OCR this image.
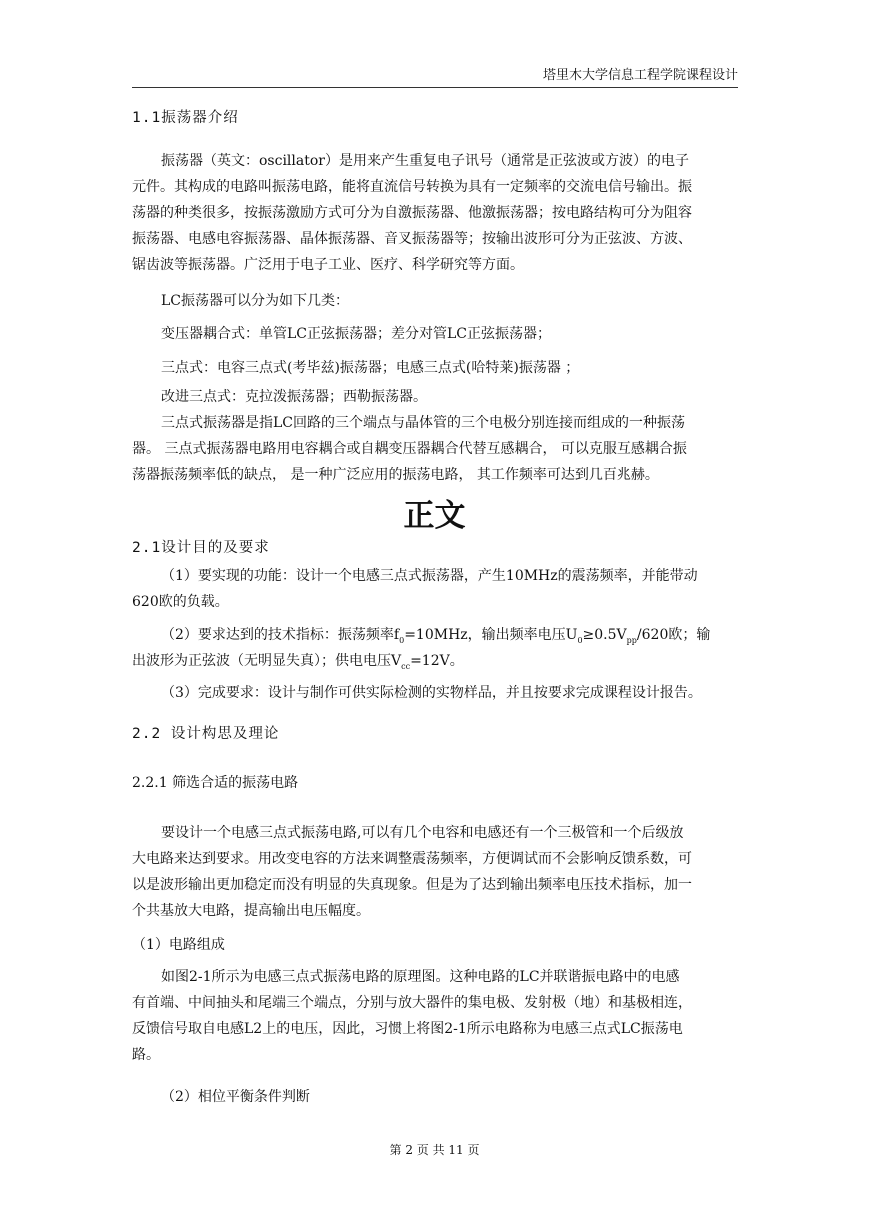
塔里木大学信息工程学院课程设计
1.1振荡器介绍
振荡器（英文：oscillator）是用来产生重复电子讯号（通常是正弦波或方波）的电子
元件。其构成的电路叫振荡电路，能将直流信号转换为具有一定频率的交流电信号输出。振
荡器的种类很多，按振荡激励方式可分为自激振荡器、他激振荡器；按电路结构可分为阻容
振荡器、电感电容振荡器、晶体振荡器、音叉振荡器等；按输出波形可分为正弦波、方波、
锯齿波等振荡器。广泛用于电子工业、医疗、科学研究等方面。
LC振荡器可以分为如下几类：
变压器耦合式：单管LC正弦振荡器；差分对管LC正弦振荡器；
三点式：电容三点式(考毕兹)振荡器；电感三点式(哈特莱)振荡器 ；
改进三点式：克拉泼振荡器；西勒振荡器。
三点式振荡器是指LC回路的三个端点与晶体管的三个电极分别连接而组成的一种振荡
器。 三点式振荡器电路用电容耦合或自耦变压器耦合代替互感耦合， 可以克服互感耦合振
荡器振荡频率低的缺点， 是一种广泛应用的振荡电路， 其工作频率可达到几百兆赫。
正文
2.1设计目的及要求
（1）要实现的功能：设计一个电感三点式振荡器，产生10MHz的震荡频率，并能带动
620欧的负载。
（2）要求达到的技术指标：振荡频率$f_0=10MHz$，输出频率电压$U_0\ge 0.5V_{pp}/620$欧；输
出波形为正弦波（无明显失真）；供电电压$V_{cc}=12V$。
（3）完成要求：设计与制作可供实际检测的实物样品，并且按要求完成课程设计报告。
2.2 设计构思及理论
2.2.1 筛选合适的振荡电路
要设计一个电感三点式振荡电路,可以有几个电容和电感还有一个三极管和一个后级放
大电路来达到要求。用改变电容的方法来调整震荡频率，方便调试而不会影响反馈系数，可
以是波形输出更加稳定而没有明显的失真现象。但是为了达到输出频率电压技术指标，加一
个共基放大电路，提高输出电压幅度。
（1）电路组成
如图2-1所示为电感三点式振荡电路的原理图。这种电路的LC并联谐振电路中的电感
有首端、中间抽头和尾端三个端点，分别与放大器件的集电极、发射极（地）和基极相连，
反馈信号取自电感L2上的电压，因此，习惯上将图2-1所示电路称为电感三点式LC振荡电
路。
（2）相位平衡条件判断
第 2 页 共 11 页
